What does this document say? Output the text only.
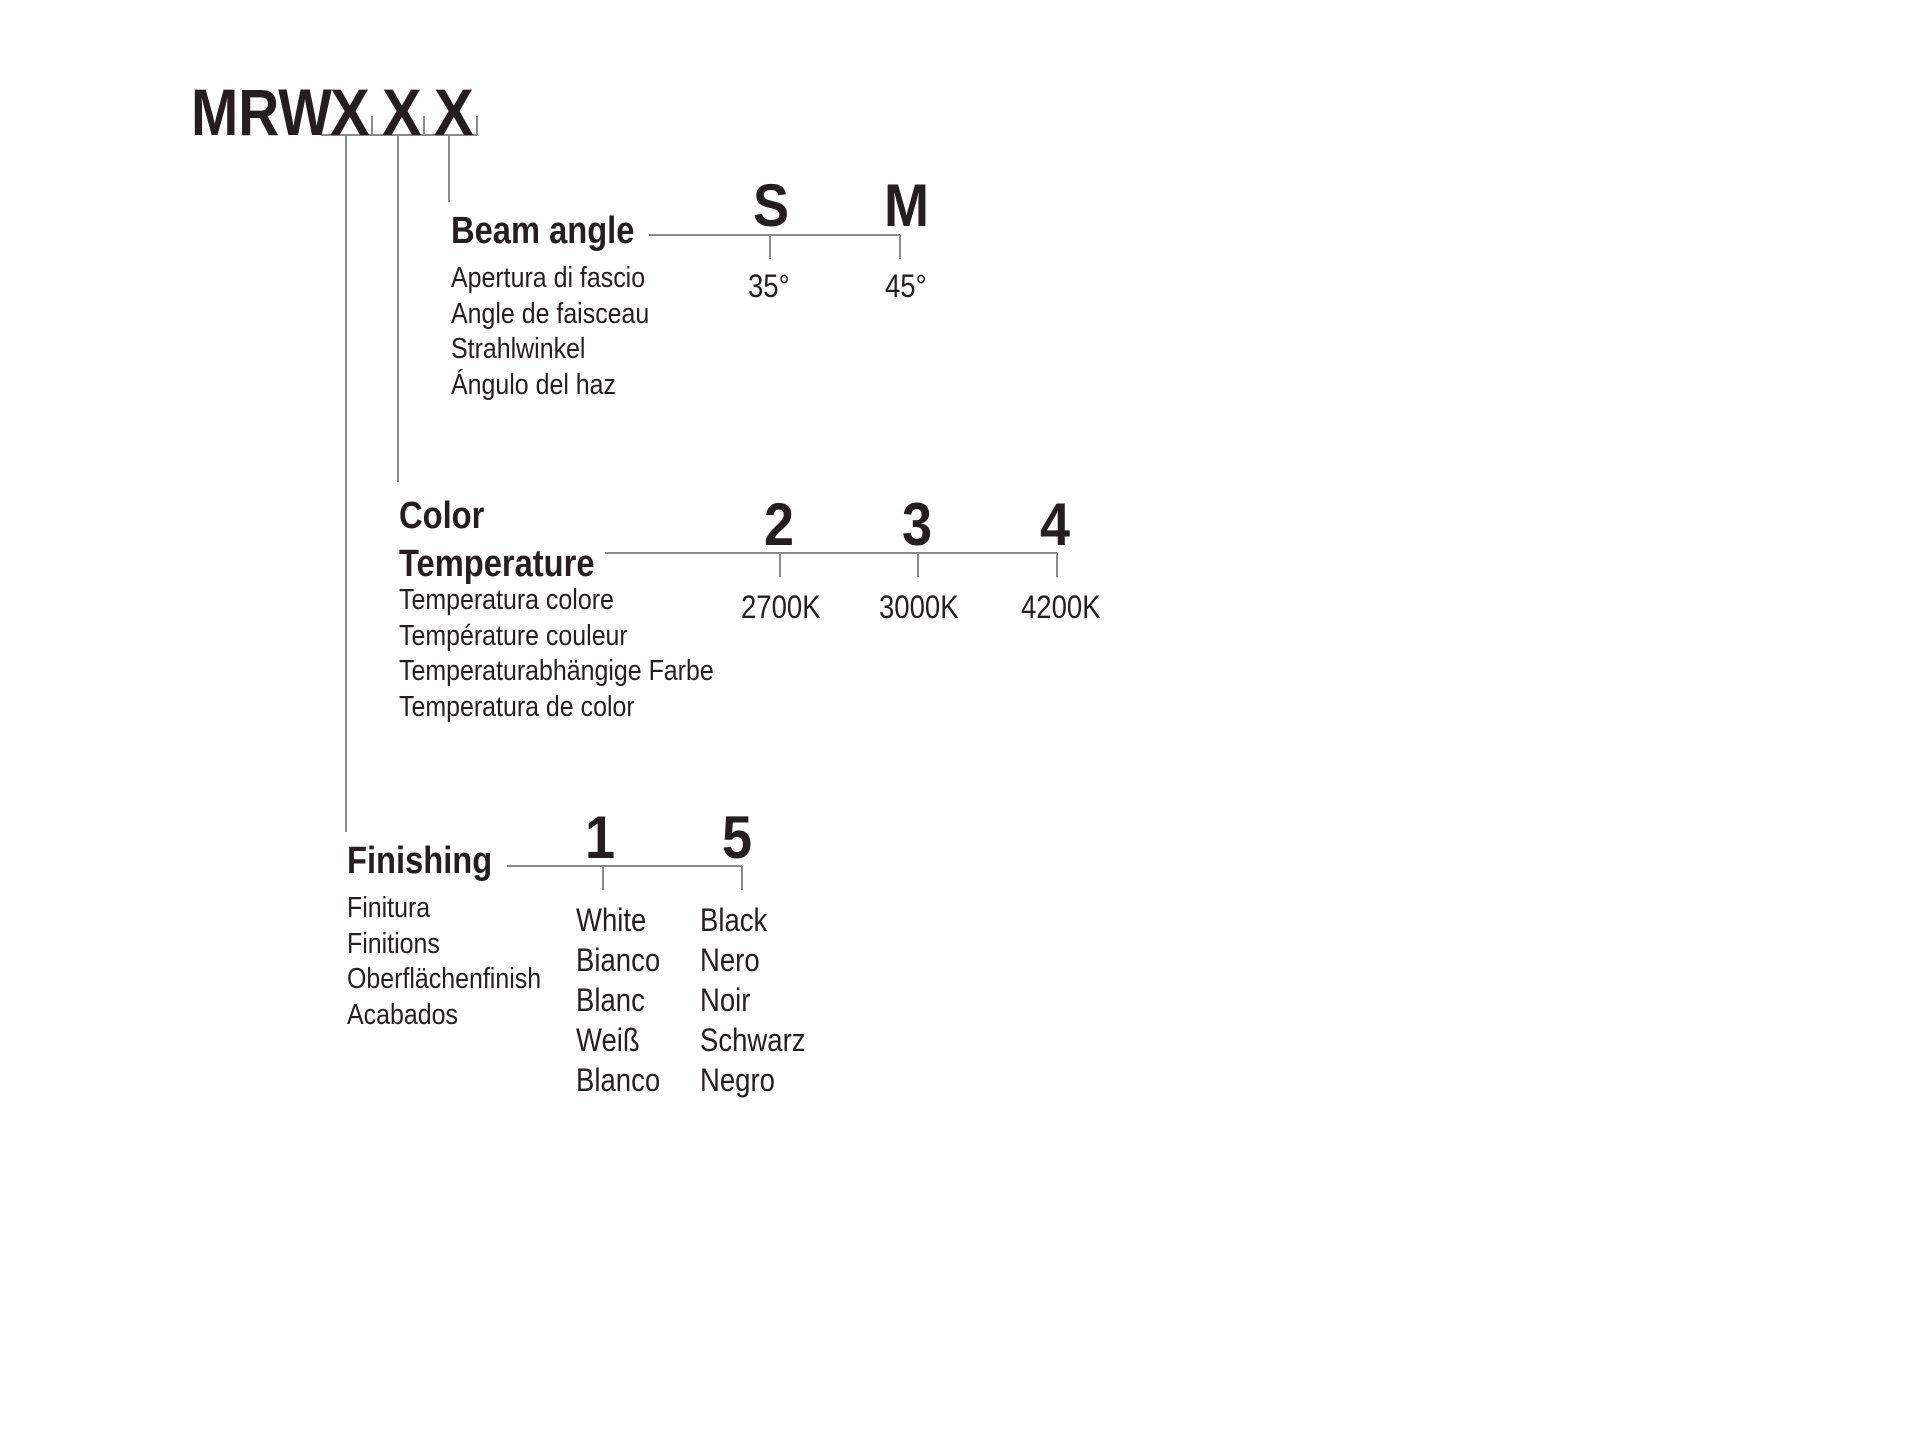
MRW
X X X
Beam angle
Apertura di fascio
Angle de faisceau
Strahlwinkel
Ángulo del haz
S M
35°	45°
Color
Temperature
Temperatura colore
Température couleur
Temperaturabhängige Farbe
Temperatura de color
2 3 4
2700K 3000K 4200K
Finishing
Finitura
Finitions
Oberflächenfinish
Acabados
1 5
White
Bianco
Blanc
Weiß
Blanco
Black
Nero
Noir
Schwarz
Negro
